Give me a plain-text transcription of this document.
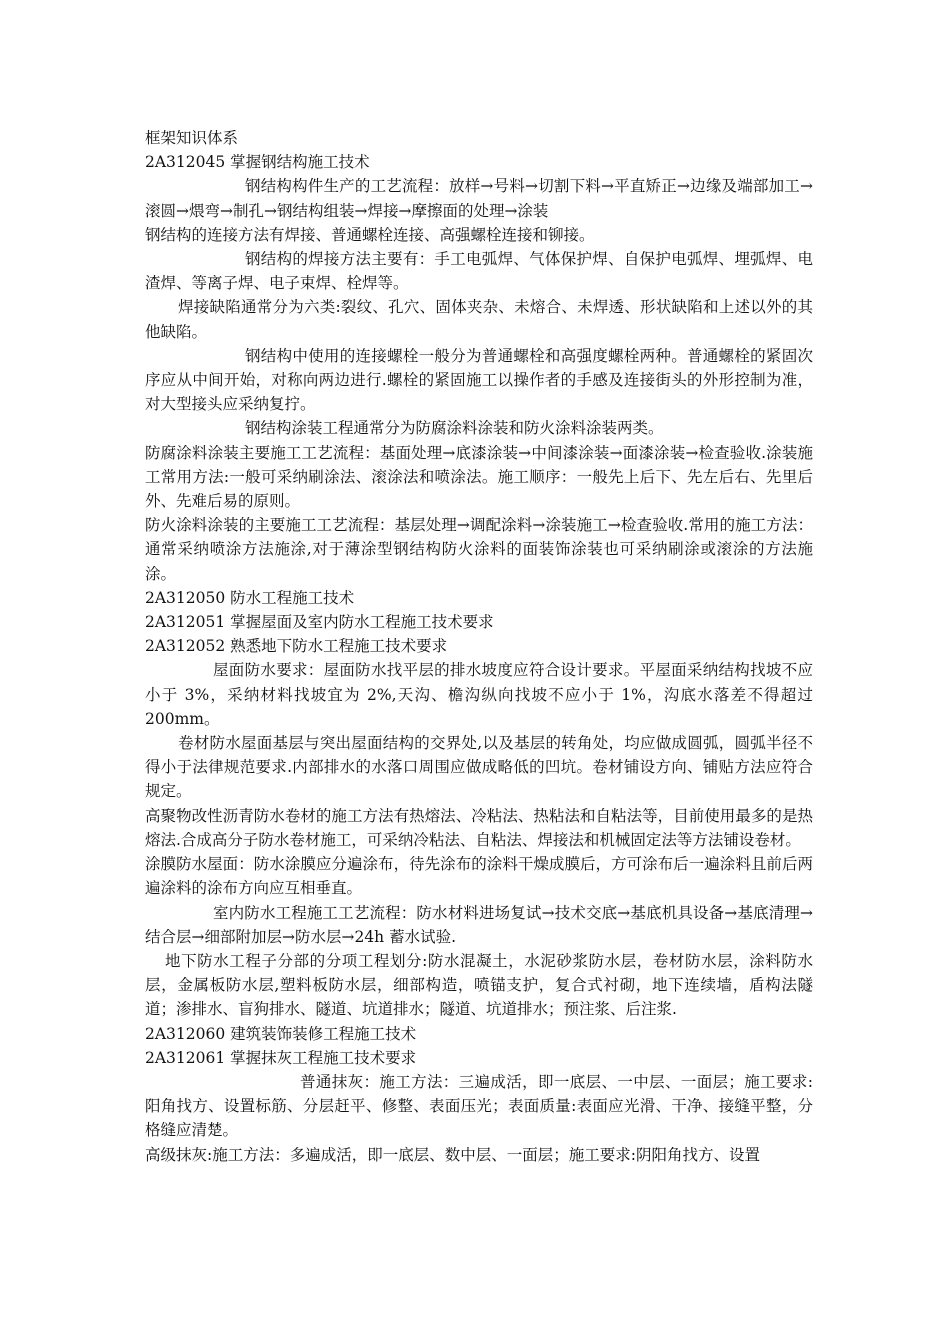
框架知识体系

2A312045 掌握钢结构施工技术

钢结构构件生产的工艺流程：放样→号料→切割下料→平直矫正→边缘及端部加工→滚圆→煨弯→制孔→钢结构组装→焊接→摩擦面的处理→涂装

钢结构的连接方法有焊接、普通螺栓连接、高强螺栓连接和铆接。

钢结构的焊接方法主要有：手工电弧焊、气体保护焊、自保护电弧焊、埋弧焊、电渣焊、等离子焊、电子束焊、栓焊等。

焊接缺陷通常分为六类:裂纹、孔穴、固体夹杂、未熔合、未焊透、形状缺陷和上述以外的其他缺陷。

钢结构中使用的连接螺栓一般分为普通螺栓和高强度螺栓两种。普通螺栓的紧固次序应从中间开始，对称向两边进行.螺栓的紧固施工以操作者的手感及连接街头的外形控制为准，对大型接头应采纳复拧。

钢结构涂装工程通常分为防腐涂料涂装和防火涂料涂装两类。

防腐涂料涂装主要施工工艺流程：基面处理→底漆涂装→中间漆涂装→面漆涂装→检查验收.涂装施工常用方法:一般可采纳刷涂法、滚涂法和喷涂法。施工顺序：一般先上后下、先左后右、先里后外、先难后易的原则。

防火涂料涂装的主要施工工艺流程：基层处理→调配涂料→涂装施工→检查验收.常用的施工方法：通常采纳喷涂方法施涂,对于薄涂型钢结构防火涂料的面装饰涂装也可采纳刷涂或滚涂的方法施涂。

2A312050 防水工程施工技术

2A312051 掌握屋面及室内防水工程施工技术要求

2A312052 熟悉地下防水工程施工技术要求

屋面防水要求：屋面防水找平层的排水坡度应符合设计要求。平屋面采纳结构找坡不应小于 3%，采纳材料找坡宜为 2%,天沟、檐沟纵向找坡不应小于 1%，沟底水落差不得超过 200mm。

卷材防水屋面基层与突出屋面结构的交界处,以及基层的转角处，均应做成圆弧，圆弧半径不得小于法律规范要求.内部排水的水落口周围应做成略低的凹坑。卷材铺设方向、铺贴方法应符合规定。

高聚物改性沥青防水卷材的施工方法有热熔法、冷粘法、热粘法和自粘法等，目前使用最多的是热熔法.合成高分子防水卷材施工，可采纳冷粘法、自粘法、焊接法和机械固定法等方法铺设卷材。

涂膜防水屋面：防水涂膜应分遍涂布，待先涂布的涂料干燥成膜后，方可涂布后一遍涂料且前后两遍涂料的涂布方向应互相垂直。

室内防水工程施工工艺流程：防水材料进场复试→技术交底→基底机具设备→基底清理→结合层→细部附加层→防水层→24h 蓄水试验.

地下防水工程子分部的分项工程划分:防水混凝土，水泥砂浆防水层，卷材防水层，涂料防水层，金属板防水层,塑料板防水层，细部构造，喷锚支护，复合式衬砌，地下连续墙，盾构法隧道；渗排水、盲狗排水、隧道、坑道排水；隧道、坑道排水；预注浆、后注浆.

2A312060 建筑装饰装修工程施工技术

2A312061 掌握抹灰工程施工技术要求

普通抹灰：施工方法：三遍成活，即一底层、一中层、一面层；施工要求:阳角找方、设置标筋、分层赶平、修整、表面压光；表面质量:表面应光滑、干净、接缝平整，分格缝应清楚。

高级抹灰:施工方法：多遍成活，即一底层、数中层、一面层；施工要求:阴阳角找方、设置
